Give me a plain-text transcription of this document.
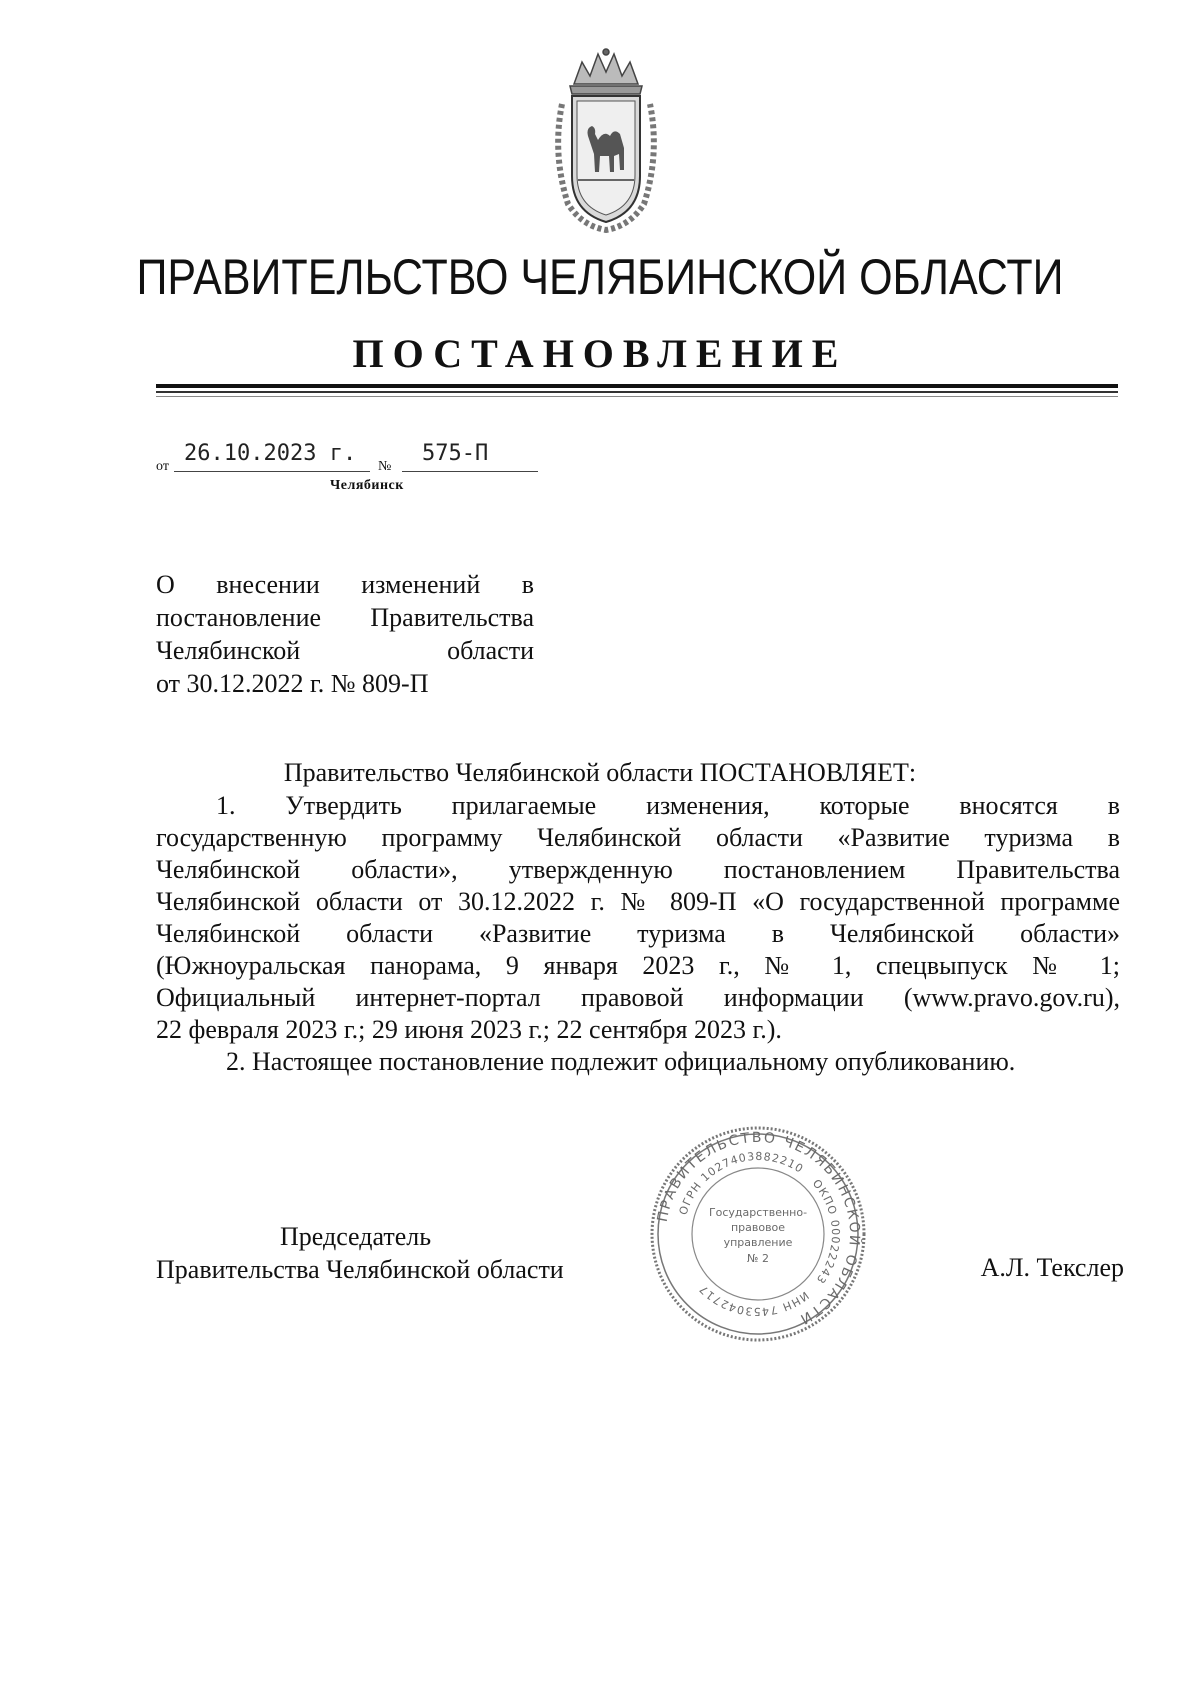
ПРАВИТЕЛЬСТВО ЧЕЛЯБИНСКОЙ ОБЛАСТИ
ПОСТАНОВЛЕНИЕ
от
26.10.2023 г.
№
575-П
Челябинск
О внесении изменений в
постановление Правительства
Челябинской области
от 30.12.2022 г. № 809-П
Правительство Челябинской области ПОСТАНОВЛЯЕТ:
1. Утвердить прилагаемые изменения, которые вносятся в
государственную программу Челябинской области «Развитие туризма в
Челябинской области», утвержденную постановлением Правительства
Челябинской области от 30.12.2022 г. № 809-П «О государственной программе
Челябинской области «Развитие туризма в Челябинской области»
(Южноуральская панорама, 9 января 2023 г., № 1, спецвыпуск № 1;
Официальный интернет-портал правовой информации (www.pravo.gov.ru),
22 февраля 2023 г.; 29 июня 2023 г.; 22 сентября 2023 г.).
2. Настоящее постановление подлежит официальному опубликованию.
Председатель
Правительства Челябинской области	А.Л. Текслер
ПРАВИТЕЛЬСТВО ЧЕЛЯБИНСКОЙ ОБЛАСТИ
ОГРН 1027403882210
ОКПО 00022243
ИНН 7453042717
Государственно-
правовое
управление
№ 2
